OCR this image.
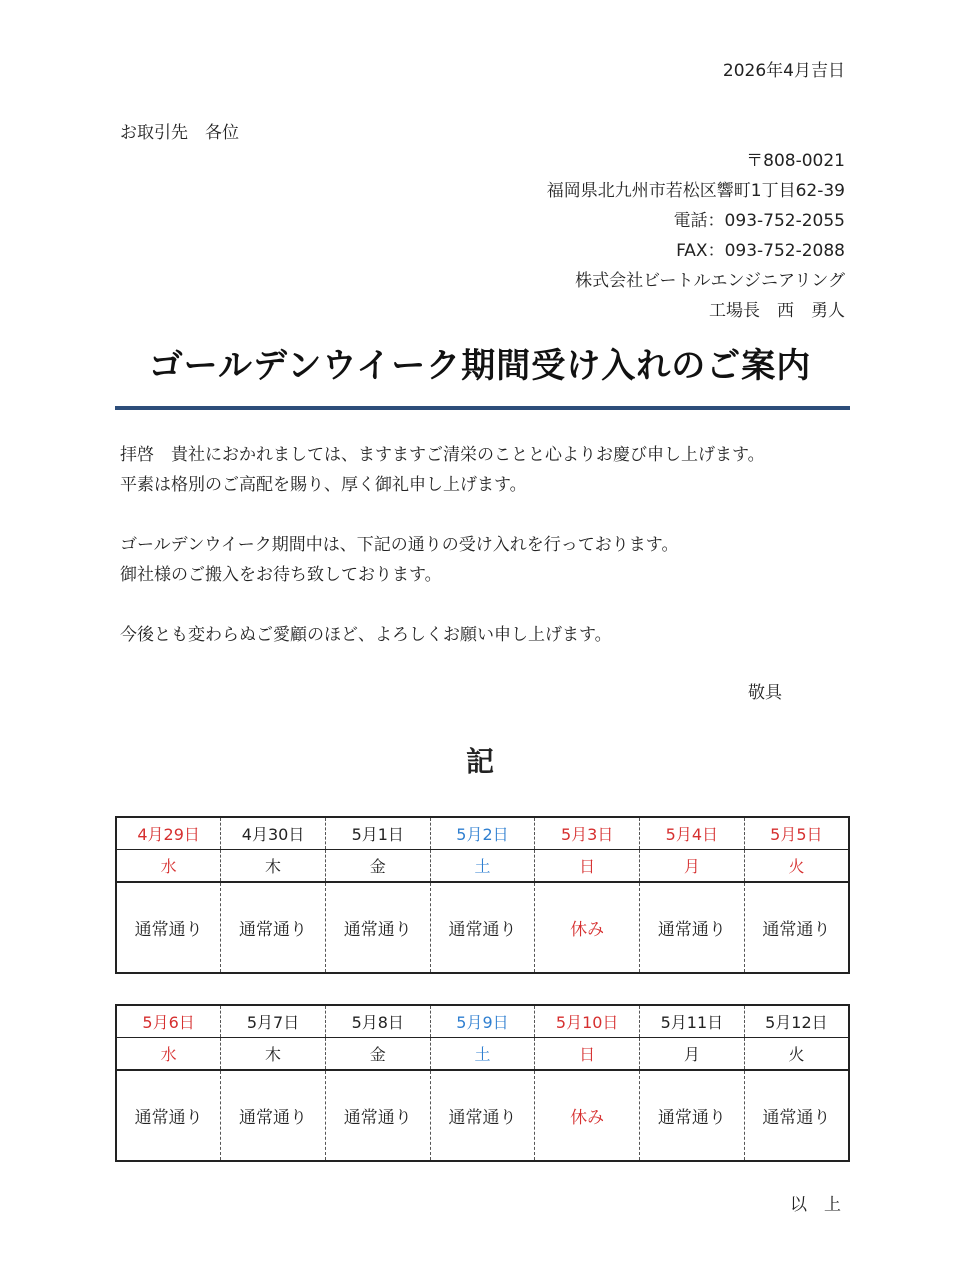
2026年4月吉日
お取引先　各位
〒808-0021
福岡県北九州市若松区響町1丁目62-39
電話：093-752-2055
FAX：093-752-2088
株式会社ビートルエンジニアリング
工場長　西　勇人
ゴールデンウイーク期間受け入れのご案内

拝啓　貴社におかれましては、ますますご清栄のことと心よりお慶び申し上げます。

平素は格別のご高配を賜り、厚く御礼申し上げます。

ゴールデンウイーク期間中は、下記の通りの受け入れを行っております。

御社様のご搬入をお待ち致しております。

今後とも変わらぬご愛顧のほど、よろしくお願い申し上げます。

敬具
記
4月29日	4月30日	5月1日	5月2日	5月3日	5月4日	5月5日
水	木	金	土	日	月	火
通常通り	通常通り	通常通り	通常通り	休み	通常通り	通常通り
5月6日	5月7日	5月8日	5月9日	5月10日	5月11日	5月12日
水	木	金	土	日	月	火
通常通り	通常通り	通常通り	通常通り	休み	通常通り	通常通り
以　上
